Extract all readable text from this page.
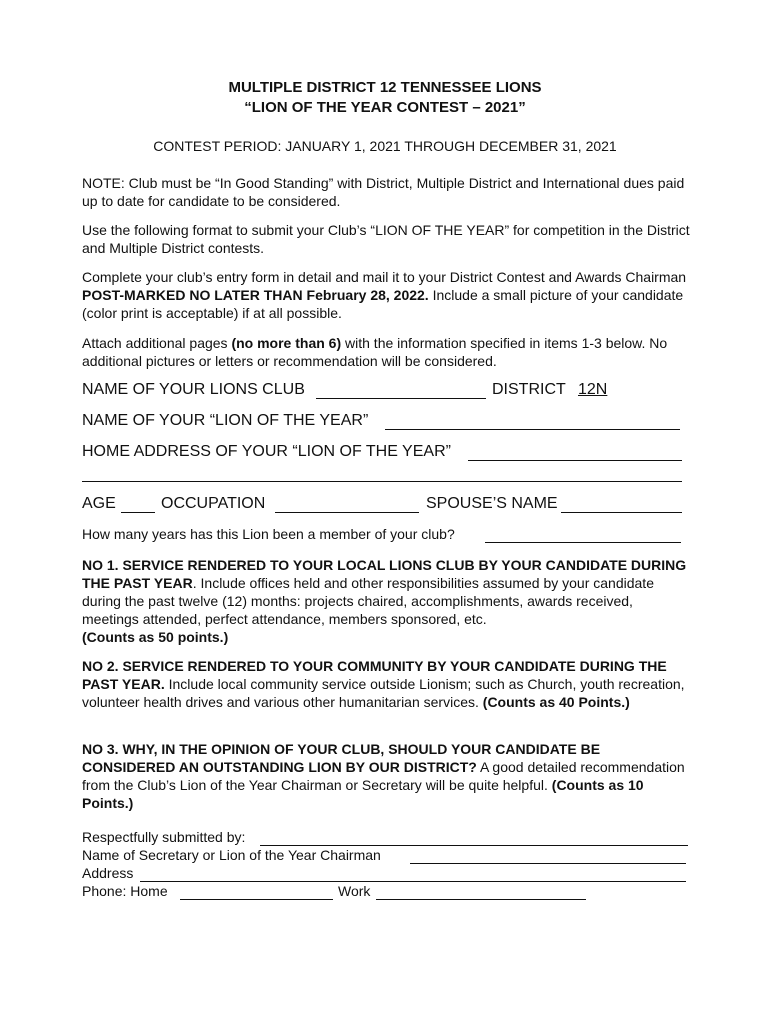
MULTIPLE DISTRICT 12 TENNESSEE LIONS
“LION OF THE YEAR CONTEST – 2021”
CONTEST PERIOD: JANUARY 1, 2021 THROUGH DECEMBER 31, 2021
NOTE: Club must be “In Good Standing” with District, Multiple District and International dues paid up to date for candidate to be considered.
Use the following format to submit your Club’s “LION OF THE YEAR” for competition in the District and Multiple District contests.
Complete your club’s entry form in detail and mail it to your District Contest and Awards Chairman POST-MARKED NO LATER THAN February 28, 2022. Include a small picture of your candidate (color print is acceptable) if at all possible.
Attach additional pages (no more than 6) with the information specified in items 1-3 below. No additional pictures or letters or recommendation will be considered.
NAME OF YOUR LIONS CLUB	DISTRICT 12N
NAME OF YOUR “LION OF THE YEAR”
HOME ADDRESS OF YOUR “LION OF THE YEAR”
AGE	OCCUPATION	SPOUSE’S NAME
How many years has this Lion been a member of your club?
NO 1. SERVICE RENDERED TO YOUR LOCAL LIONS CLUB BY YOUR CANDIDATE DURING THE PAST YEAR. Include offices held and other responsibilities assumed by your candidate during the past twelve (12) months: projects chaired, accomplishments, awards received, meetings attended, perfect attendance, members sponsored, etc.
(Counts as 50 points.)
NO 2. SERVICE RENDERED TO YOUR COMMUNITY BY YOUR CANDIDATE DURING THE PAST YEAR. Include local community service outside Lionism; such as Church, youth recreation, volunteer health drives and various other humanitarian services. (Counts as 40 Points.)
NO 3. WHY, IN THE OPINION OF YOUR CLUB, SHOULD YOUR CANDIDATE BE CONSIDERED AN OUTSTANDING LION BY OUR DISTRICT? A good detailed recommendation from the Club’s Lion of the Year Chairman or Secretary will be quite helpful. (Counts as 10 Points.)
Respectfully submitted by:
Name of Secretary or Lion of the Year Chairman
Address
Phone: Home	Work
